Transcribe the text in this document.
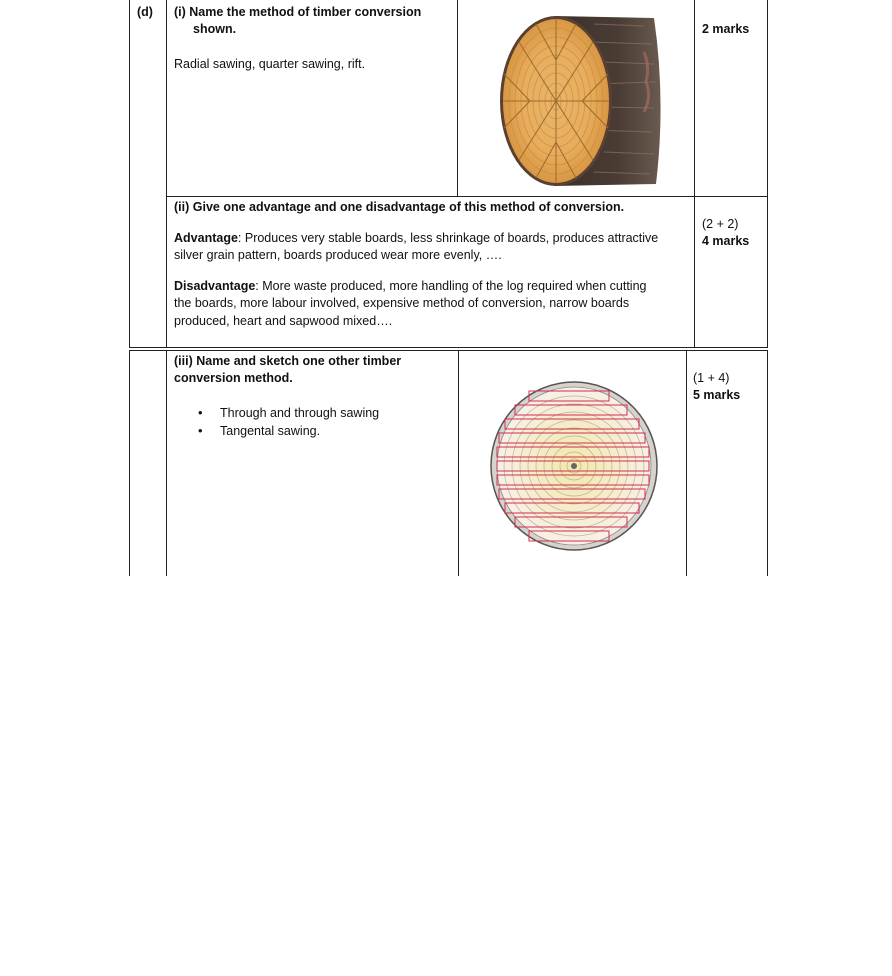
(d) (i) Name the method of timber conversion
shown.
Radial sawing, quarter sawing, rift.
2 marks
(ii) Give one advantage and one disadvantage of this method of conversion.
Advantage: Produces very stable boards, less shrinkage of boards, produces attractive
silver grain pattern, boards produced wear more evenly, ….
Disadvantage: More waste produced, more handling of the log required when cutting
the boards, more labour involved, expensive method of conversion, narrow boards
produced, heart and sapwood mixed….
(2 + 2)
4 marks
(iii) Name and sketch one other timber
conversion method.
• Through and through sawing
• Tangental sawing.
(1 + 4)
5 marks
